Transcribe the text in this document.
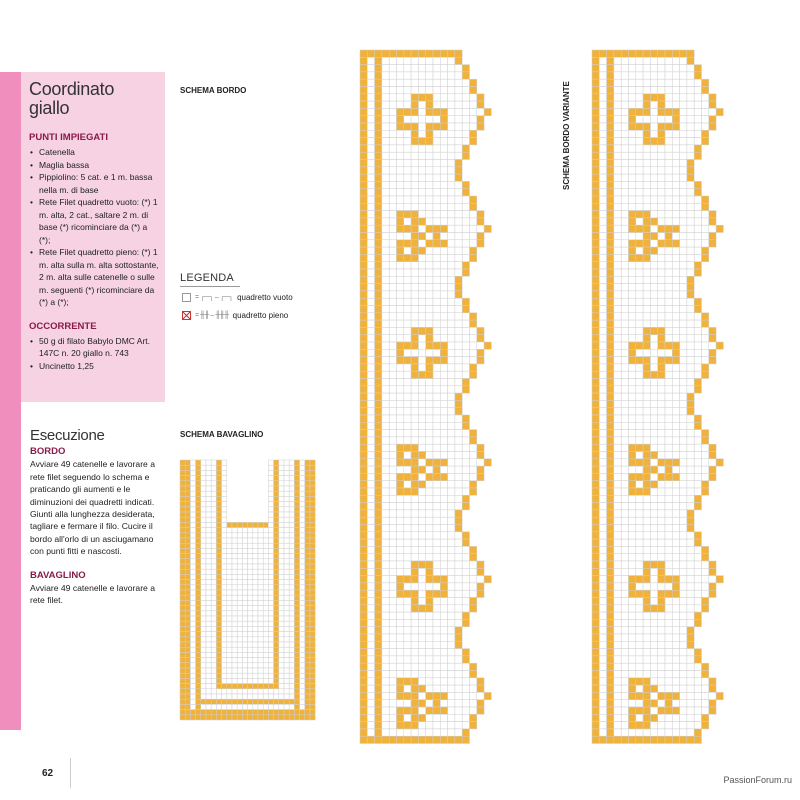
Coordinato
giallo
PUNTI IMPIEGATI
• Catenella
• Maglia bassa
• Pippiolino: 5 cat. e 1 m. bassa nella m. di base
• Rete Filet quadretto vuoto: (*) 1 m. alta, 2 cat., saltare 2 m. di base (*) ricominciare da (*) a (*);
• Rete Filet quadretto pieno: (*) 1 m. alta sulla m. alta sottostante, 2 m. alta sulle catenelle o sulle m. seguenti (*) ricominciare da (*) a (*);
OCCORRENTE
• 50 g di filato Babylo DMC Art. 147C n. 20 giallo n. 743
• Uncinetto 1,25
Esecuzione
BORDO

Avviare 49 catenelle e lavorare a rete filet seguendo lo schema e praticando gli aumenti e le diminuzioni dei quadretti indicati. Giunti alla lunghezza desiderata, tagliare e fermare il filo. Cucire il bordo all'orlo di un asciugamano con punti fitti e nascosti.

BAVAGLINO

Avviare 49 catenelle e lavorare a rete filet.

SCHEMA BORDO
SCHEMA BAVAGLINO
SCHEMA BORDO VARIANTE
LEGENDA
= ┌─┐ – ┌─┐ quadretto vuoto
= ╫╫ – ╫╫╫ quadretto pieno
62
PassionForum.ru
